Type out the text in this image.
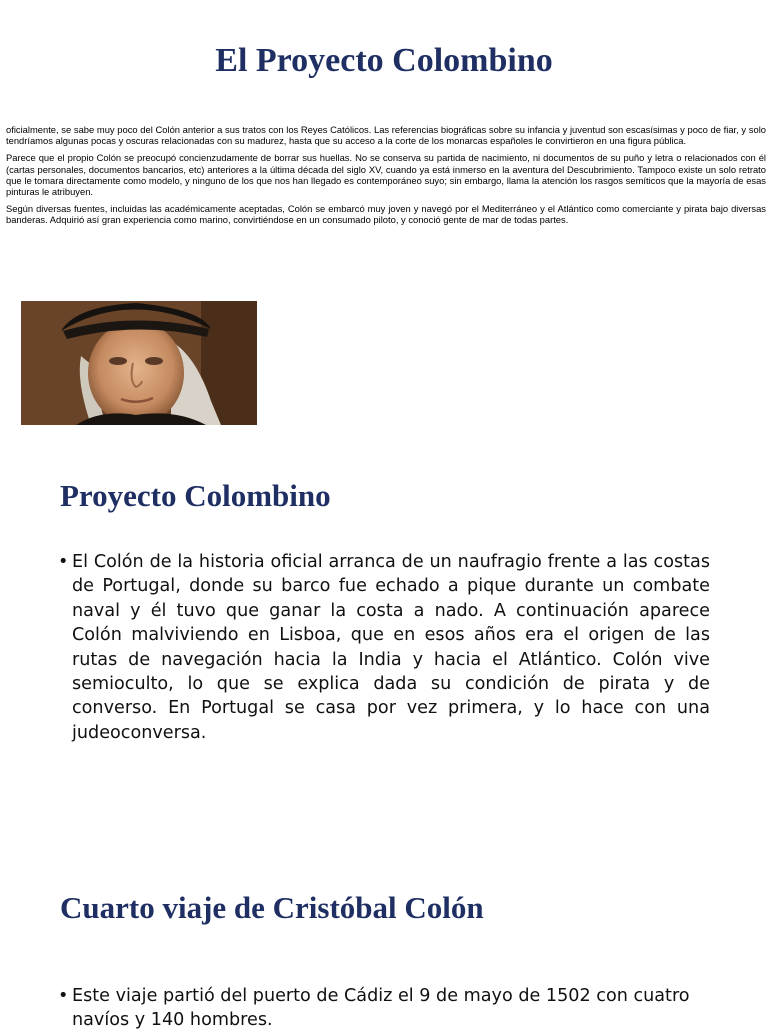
El Proyecto Colombino

oficialmente, se sabe muy poco del Colón anterior a sus tratos con los Reyes Católicos. Las referencias biográficas sobre su infancia y juventud son escasísimas y poco de fiar, y solo tendríamos algunas pocas y oscuras relacionadas con su madurez, hasta que su acceso a la corte de los monarcas españoles le convirtieron en una figura pública.

Parece que el propio Colón se preocupó concienzudamente de borrar sus huellas. No se conserva su partida de nacimiento, ni documentos de su puño y letra o relacionados con él (cartas personales, documentos bancarios, etc) anteriores a la última década del siglo XV, cuando ya está inmerso en la aventura del Descubrimiento. Tampoco existe un solo retrato que le tomara directamente como modelo, y ninguno de los que nos han llegado es contemporáneo suyo; sin embargo, llama la atención los rasgos semíticos que la mayoría de esas pinturas le atribuyen.

Según diversas fuentes, incluidas las académicamente aceptadas, Colón se embarcó muy joven y navegó por el Mediterráneo y el Atlántico como comerciante y pirata bajo diversas banderas. Adquirió así gran experiencia como marino, convirtiéndose en un consumado piloto, y conoció gente de mar de todas partes.

Proyecto Colombino
• El Colón de la historia oficial arranca de un naufragio frente a las costas de Portugal, donde su barco fue echado a pique durante un combate naval y él tuvo que ganar la costa a nado. A continuación aparece Colón malviviendo en Lisboa, que en esos años era el origen de las rutas de navegación hacia la India y hacia el Atlántico. Colón vive semioculto, lo que se explica dada su condición de pirata y de converso. En Portugal se casa por vez primera, y lo hace con una judeoconversa.
Cuarto viaje de Cristóbal Colón
• Este viaje partió del puerto de Cádiz el 9 de mayo de 1502 con cuatro navíos y 140 hombres.
